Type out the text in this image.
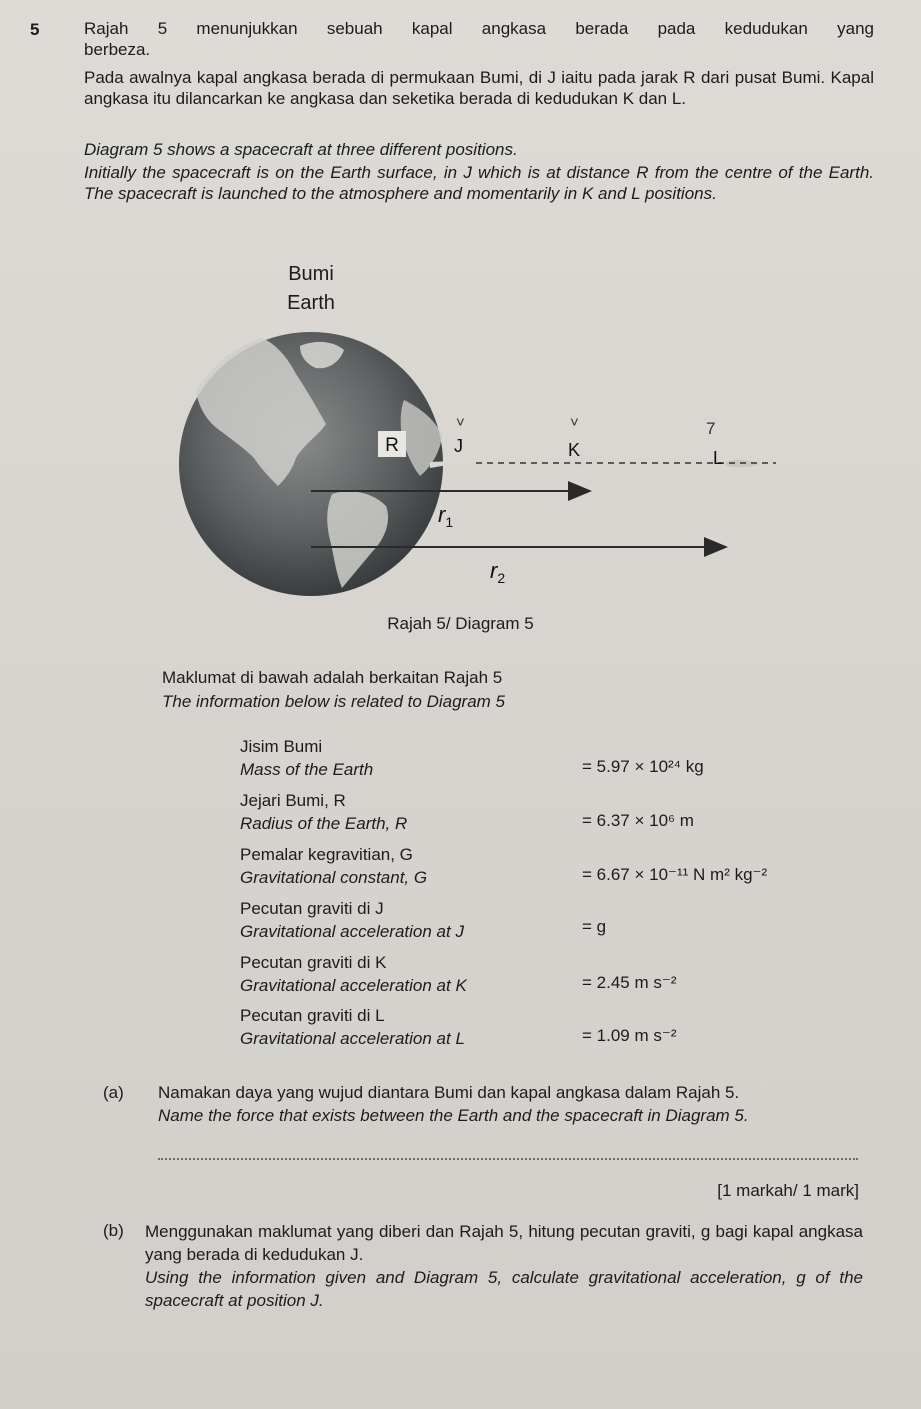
5	Rajah 5 menunjukkan sebuah kapal angkasa berada pada kedudukan yang
berbeza.
Pada awalnya kapal angkasa berada di permukaan Bumi, di J iaitu pada jarak R dari pusat Bumi. Kapal angkasa itu dilancarkan ke angkasa dan seketika berada di kedudukan K dan L.
Diagram 5 shows a spacecraft at three different positions.
Initially the spacecraft is on the Earth surface, in J which is at distance R from the centre of the Earth. The spacecraft is launched to the atmosphere and momentarily in K and L positions.
Bumi
Earth
R	J	K	L
˅	˅	7
$r_1$
$r_2$
Rajah 5/ Diagram 5
Maklumat di bawah adalah berkaitan Rajah 5
The information below is related to Diagram 5
Jisim Bumi
Mass of the Earth	= 5.97 × 10²⁴ kg
Jejari Bumi, R
Radius of the Earth, R	= 6.37 × 10⁶ m
Pemalar kegravitian, G
Gravitational constant, G	= 6.67 × 10⁻¹¹ N m² kg⁻²
Pecutan graviti di J
Gravitational acceleration at J	= g
Pecutan graviti di K
Gravitational acceleration at K	= 2.45 m s⁻²
Pecutan graviti di L
Gravitational acceleration at L	= 1.09 m s⁻²
(a) Namakan daya yang wujud diantara Bumi dan kapal angkasa dalam Rajah 5.
Name the force that exists between the Earth and the spacecraft in Diagram 5.
[1 markah/ 1 mark]
(b) Menggunakan maklumat yang diberi dan Rajah 5, hitung pecutan graviti, g bagi kapal angkasa yang berada di kedudukan J.
Using the information given and Diagram 5, calculate gravitational acceleration, g of the spacecraft at position J.
